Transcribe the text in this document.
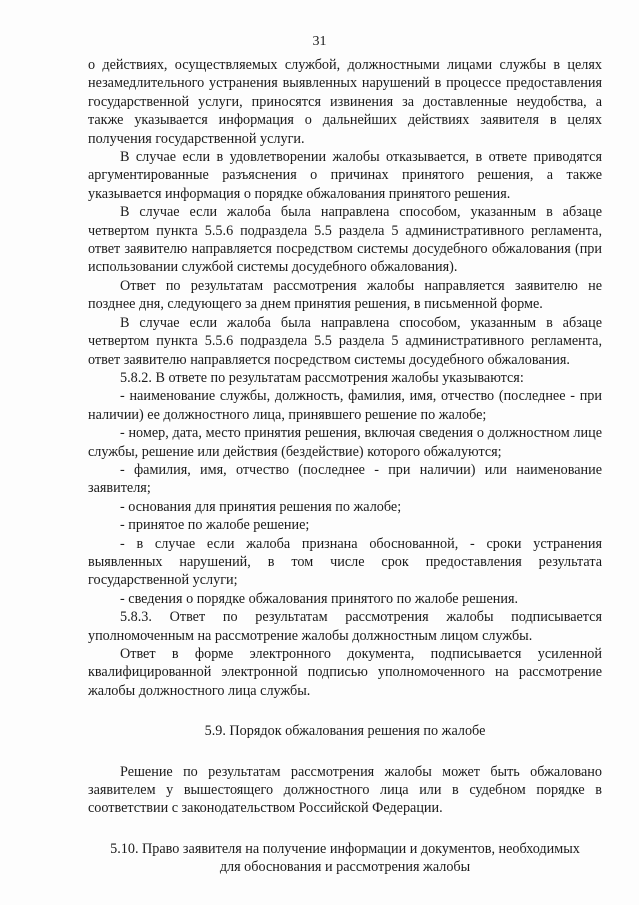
31

о действиях, осуществляемых службой, должностными лицами службы в целях незамедлительного устранения выявленных нарушений в процессе предоставления государственной услуги, приносятся извинения за доставленные неудобства, а также указывается информация о дальнейших действиях заявителя в целях получения государственной услуги.

В случае если в удовлетворении жалобы отказывается, в ответе приводятся аргументированные разъяснения о причинах принятого решения, а также указывается информация о порядке обжалования принятого решения.

В случае если жалоба была направлена способом, указанным в абзаце четвертом пункта 5.5.6 подраздела 5.5 раздела 5 административного регламента, ответ заявителю направляется посредством системы досудебного обжалования (при использовании службой системы досудебного обжалования).

Ответ по результатам рассмотрения жалобы направляется заявителю не позднее дня, следующего за днем принятия решения, в письменной форме.

В случае если жалоба была направлена способом, указанным в абзаце четвертом пункта 5.5.6 подраздела 5.5 раздела 5 административного регламента, ответ заявителю направляется посредством системы досудебного обжалования.

5.8.2. В ответе по результатам рассмотрения жалобы указываются:

- наименование службы, должность, фамилия, имя, отчество (последнее - при наличии) ее должностного лица, принявшего решение по жалобе;

- номер, дата, место принятия решения, включая сведения о должностном лице службы, решение или действия (бездействие) которого обжалуются;

- фамилия, имя, отчество (последнее - при наличии) или наименование заявителя;

- основания для принятия решения по жалобе;

- принятое по жалобе решение;

- в случае если жалоба признана обоснованной, - сроки устранения выявленных нарушений, в том числе срок предоставления результата государственной услуги;

- сведения о порядке обжалования принятого по жалобе решения.

5.8.3. Ответ по результатам рассмотрения жалобы подписывается уполномоченным на рассмотрение жалобы должностным лицом службы.

Ответ в форме электронного документа, подписывается усиленной квалифицированной электронной подписью уполномоченного на рассмотрение жалобы должностного лица службы.

5.9. Порядок обжалования решения по жалобе

Решение по результатам рассмотрения жалобы может быть обжаловано заявителем у вышестоящего должностного лица или в судебном порядке в соответствии с законодательством Российской Федерации.

5.10. Право заявителя на получение информации и документов, необходимых

для обоснования и рассмотрения жалобы
